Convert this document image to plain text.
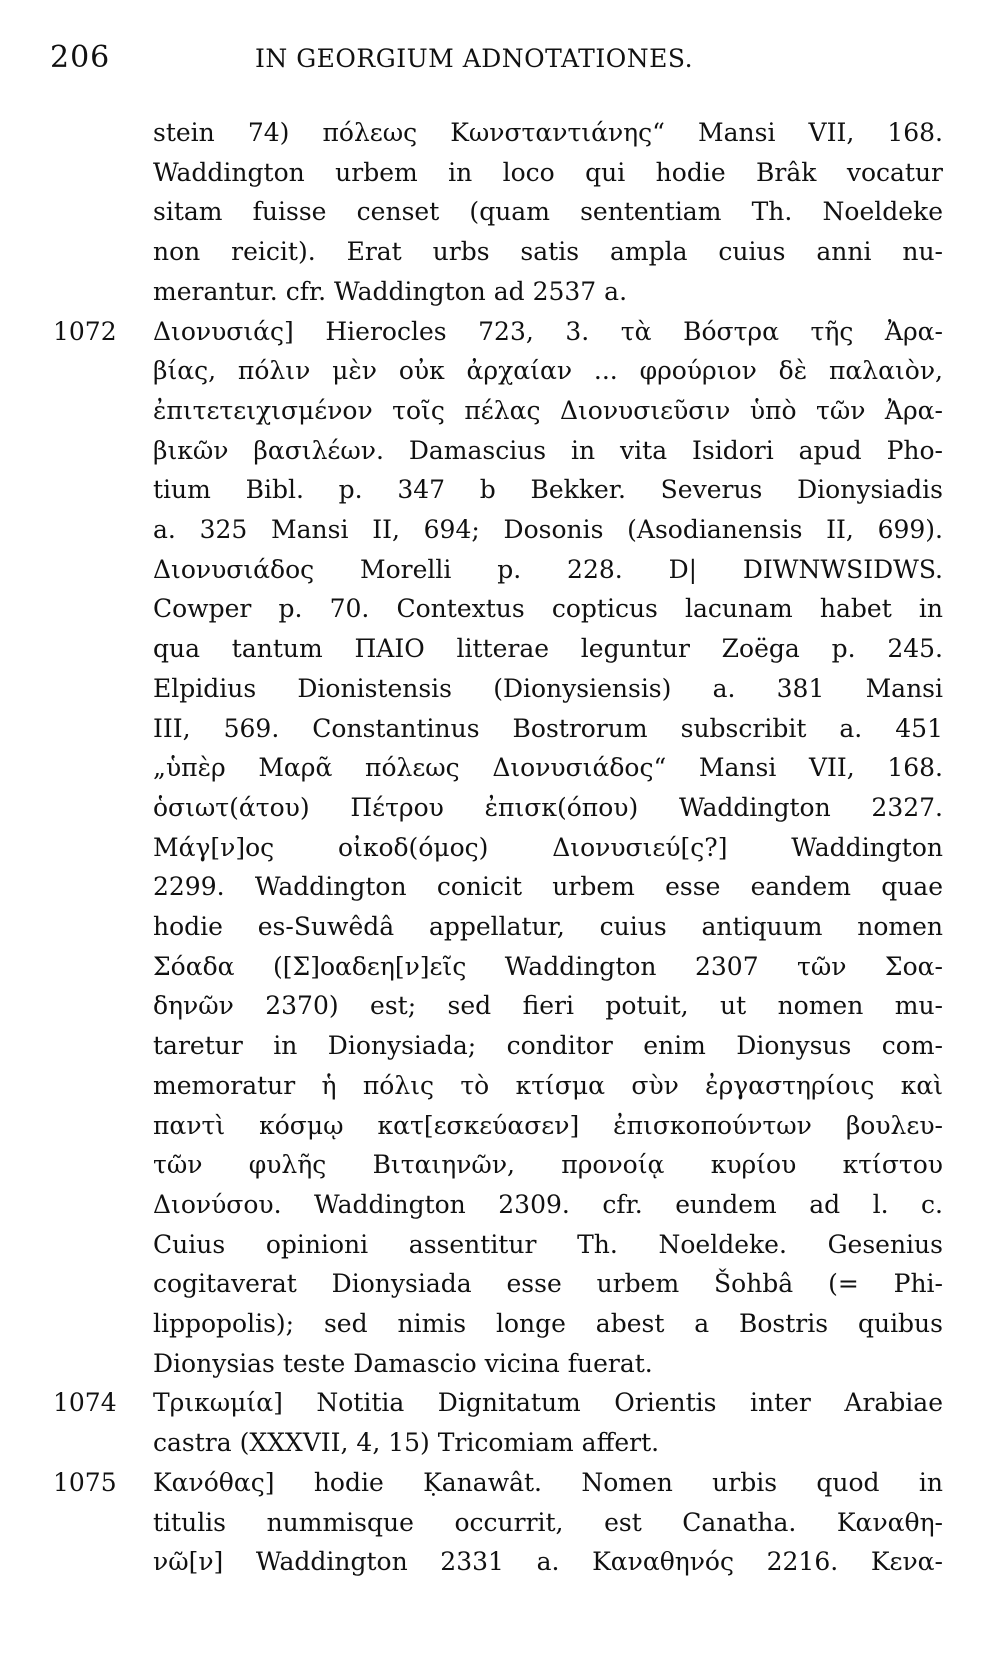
206	IN GEORGIUM ADNOTATIONES.
stein 74) πόλεως Κωνσταντιάνης“ Mansi VII, 168.
Waddington urbem in loco qui hodie Brâk vocatur
sitam fuisse censet (quam sententiam Th. Noeldeke
non reicit). Erat urbs satis ampla cuius anni nu-
merantur. cfr. Waddington ad 2537 a.
1072	Διονυσιάς] Hierocles 723, 3. τὰ Βόστρα τῆς Ἀρα-
βίας, πόλιν μὲν οὐκ ἀρχαίαν ... φρούριον δὲ παλαιὸν,
ἐπιτετειχισμένον τοῖς πέλας Διονυσιεῦσιν ὑπὸ τῶν Ἀρα-
βικῶν βασιλέων. Damascius in vita Isidori apud Pho-
tium Bibl. p. 347 b Bekker. Severus Dionysiadis
a. 325 Mansi II, 694; Dosonis (Asodianensis II, 699).
Διονυσιάδος Morelli p. 228. D| DIWNWSIDWS.
Cowper p. 70. Contextus copticus lacunam habet in
qua tantum ΠΑΙΟ litterae leguntur Zoëga p. 245.
Elpidius Dionistensis (Dionysiensis) a. 381 Mansi
III, 569. Constantinus Bostrorum subscribit a. 451
„ὑπὲρ Μαρᾶ πόλεως Διονυσιάδος“ Mansi VII, 168.
ὁσιωτ(άτου) Πέτρου ἐπισκ(όπου) Waddington 2327.
Μάγ[ν]ος οἰκοδ(όμος) Διονυσιεύ[ς?] Waddington
2299. Waddington conicit urbem esse eandem quae
hodie es-Suwêdâ appellatur, cuius antiquum nomen
Σόαδα ([Σ]οαδεη[ν]εῖς Waddington 2307 τῶν Σοα-
δηνῶν 2370) est; sed fieri potuit, ut nomen mu-
taretur in Dionysiada; conditor enim Dionysus com-
memoratur ἡ πόλις τὸ κτίσμα σὺν ἐργαστηρίοις καὶ
παντὶ κόσμῳ κατ[εσκεύασεν] ἐπισκοπούντων βουλευ-
τῶν φυλῆς Βιταιηνῶν, προνοίᾳ κυρίου κτίστου
Διονύσου. Waddington 2309. cfr. eundem ad l. c.
Cuius opinioni assentitur Th. Noeldeke. Gesenius
cogitaverat Dionysiada esse urbem Šohbâ (= Phi-
lippopolis); sed nimis longe abest a Bostris quibus
Dionysias teste Damascio vicina fuerat.
1074	Τρικωμία] Notitia Dignitatum Orientis inter Arabiae
castra (XXXVII, 4, 15) Tricomiam affert.
1075	Κανόθας] hodie Ḳanawât. Nomen urbis quod in
titulis nummisque occurrit, est Canatha. Καναθη-
νῶ[ν] Waddington 2331 a. Καναθηνός 2216. Κενα-
